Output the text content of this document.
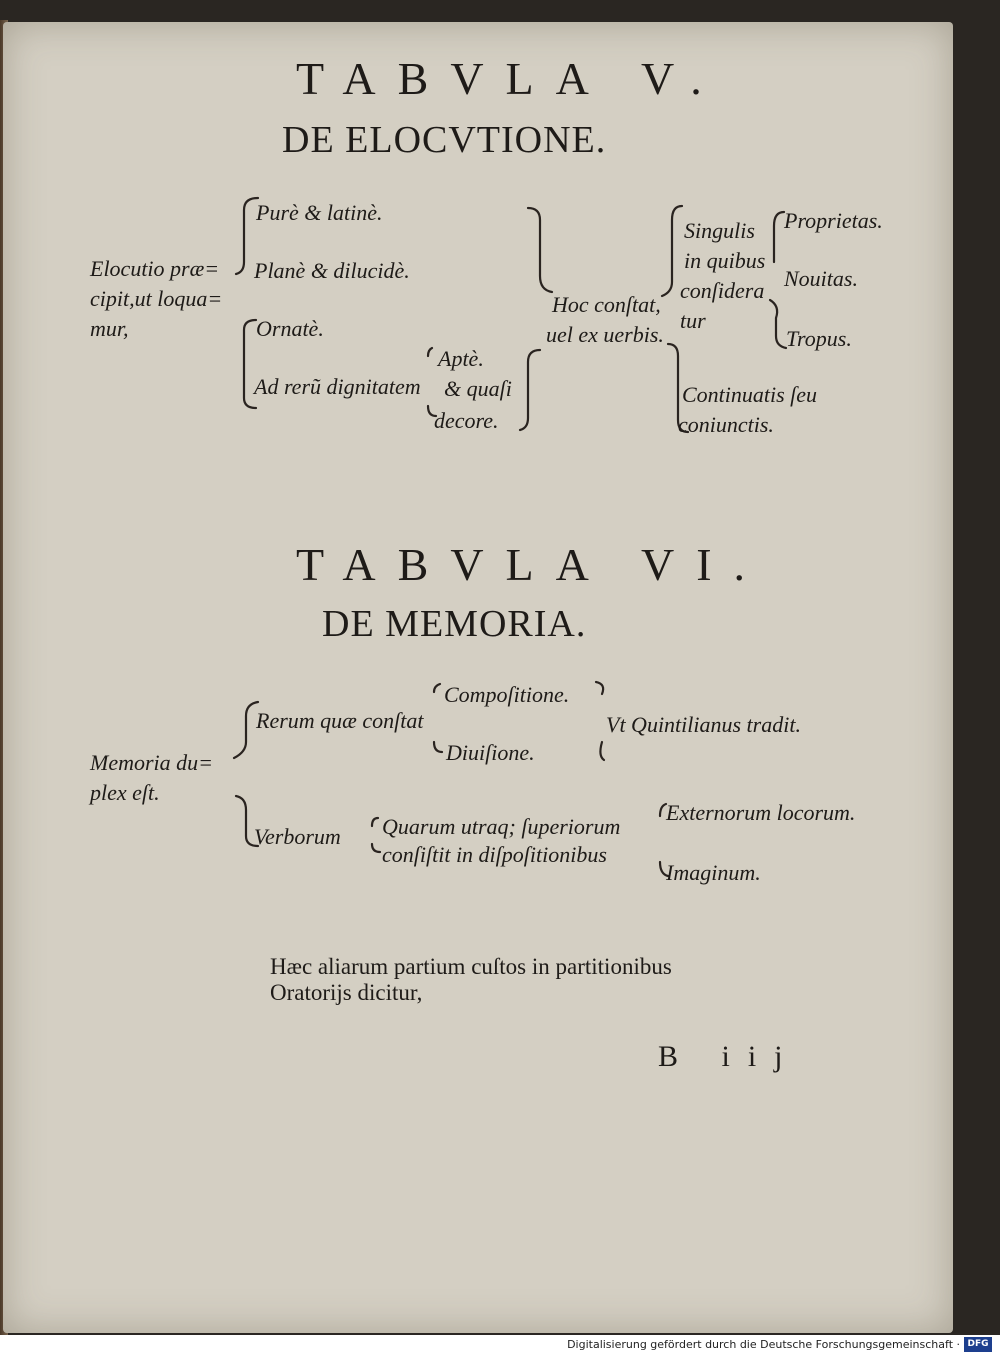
TABVLA V.
DE ELOCVTIONE.
Elocutio præ=
cipit,ut loqua=
mur,
Purè & latinè.
Planè & dilucidè.
Ornatè.
Ad rerũ dignitatem
Aptè.
& quaſi
decore.
Hoc conſtat,
uel ex uerbis.
Singulis
in quibus
conſidera
tur
Proprietas.
Nouitas.
Tropus.
Continuatis ſeu
coniunctis.
TABVLA VI.
DE MEMORIA.
Memoria du=
plex eſt.
Rerum quæ conſtat
Compoſitione.
Diuiſione.
Vt Quintilianus tradit.
Verborum Quarum utraq; ſuperiorum
conſiſtit in diſpoſitionibus
Externorum locorum.
Imaginum.
Hæc aliarum partium cuſtos in partitionibus
Oratorijs dicitur,
B iij
Digitalisierung gefördert durch die Deutsche Forschungsgemeinschaft · DFG
